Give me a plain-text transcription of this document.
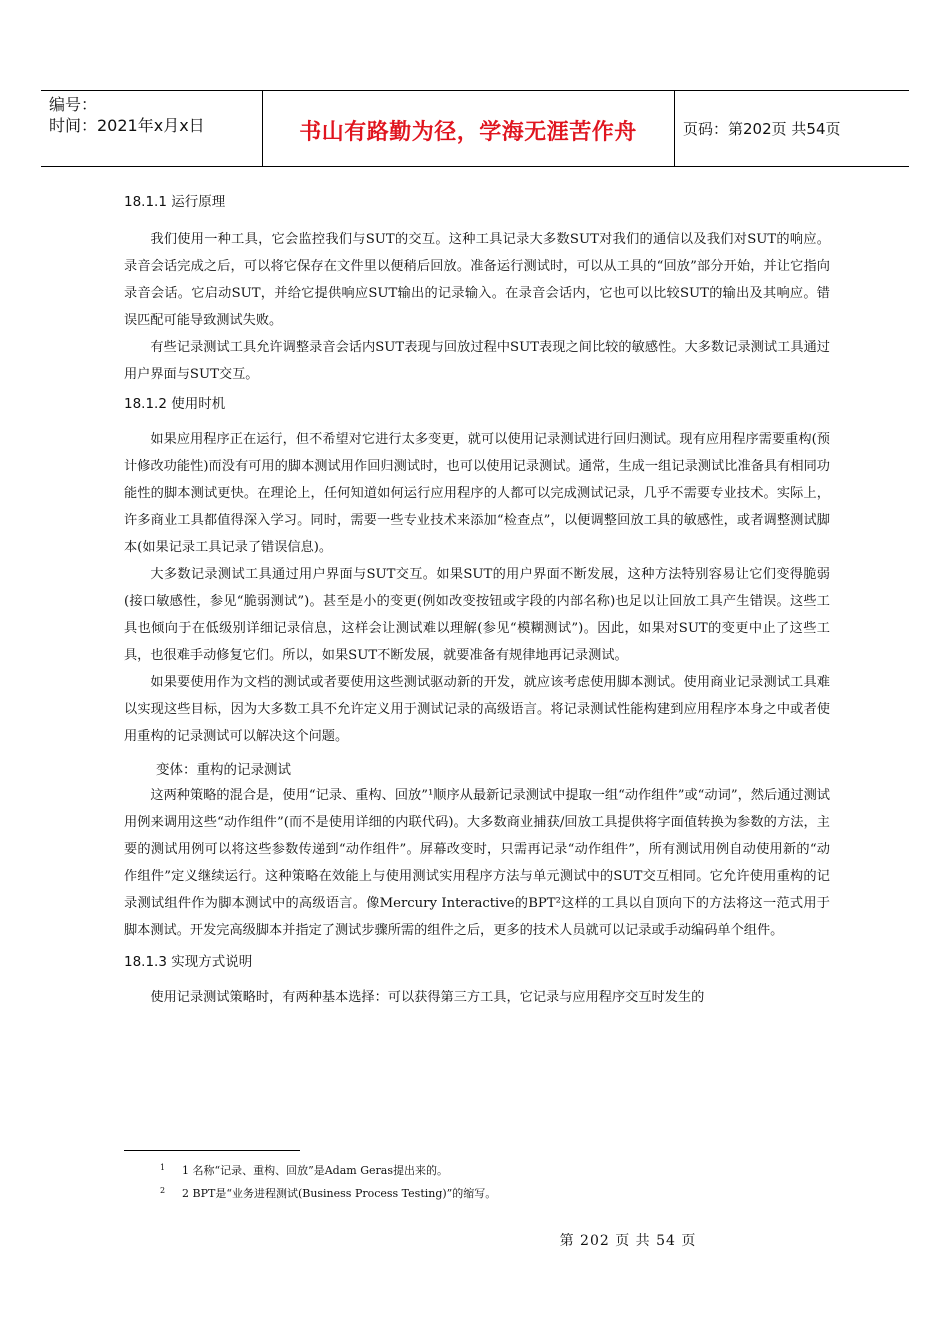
编号：
时间：2021年x月x日	书山有路勤为径，学海无涯苦作舟	页码：第202页 共54页
18.1.1 运行原理

我们使用一种工具，它会监控我们与SUT的交互。这种工具记录大多数SUT对我们的通信以及我们对SUT的响应。录音会话完成之后，可以将它保存在文件里以便稍后回放。准备运行测试时，可以从工具的“回放”部分开始，并让它指向录音会话。它启动SUT，并给它提供响应SUT输出的记录输入。在录音会话内，它也可以比较SUT的输出及其响应。错误匹配可能导致测试失败。

有些记录测试工具允许调整录音会话内SUT表现与回放过程中SUT表现之间比较的敏感性。大多数记录测试工具通过用户界面与SUT交互。

18.1.2 使用时机

如果应用程序正在运行，但不希望对它进行太多变更，就可以使用记录测试进行回归测试。现有应用程序需要重构(预计修改功能性)而没有可用的脚本测试用作回归测试时，也可以使用记录测试。通常，生成一组记录测试比准备具有相同功能性的脚本测试更快。在理论上，任何知道如何运行应用程序的人都可以完成测试记录，几乎不需要专业技术。实际上，许多商业工具都值得深入学习。同时，需要一些专业技术来添加“检查点”，以便调整回放工具的敏感性，或者调整测试脚本(如果记录工具记录了错误信息)。

大多数记录测试工具通过用户界面与SUT交互。如果SUT的用户界面不断发展，这种方法特别容易让它们变得脆弱(接口敏感性，参见“脆弱测试”)。甚至是小的变更(例如改变按钮或字段的内部名称)也足以让回放工具产生错误。这些工具也倾向于在低级别详细记录信息，这样会让测试难以理解(参见“模糊测试”)。因此，如果对SUT的变更中止了这些工具，也很难手动修复它们。所以，如果SUT不断发展，就要准备有规律地再记录测试。

如果要使用作为文档的测试或者要使用这些测试驱动新的开发，就应该考虑使用脚本测试。使用商业记录测试工具难以实现这些目标，因为大多数工具不允许定义用于测试记录的高级语言。将记录测试性能构建到应用程序本身之中或者使用重构的记录测试可以解决这个问题。

变体：重构的记录测试

这两种策略的混合是，使用“记录、重构、回放”¹顺序从最新记录测试中提取一组“动作组件”或“动词”，然后通过测试用例来调用这些“动作组件”(而不是使用详细的内联代码)。大多数商业捕获/回放工具提供将字面值转换为参数的方法，主要的测试用例可以将这些参数传递到“动作组件”。屏幕改变时，只需再记录“动作组件”，所有测试用例自动使用新的“动作组件”定义继续运行。这种策略在效能上与使用测试实用程序方法与单元测试中的SUT交互相同。它允许使用重构的记录测试组件作为脚本测试中的高级语言。像Mercury Interactive的BPT²这样的工具以自顶向下的方法将这一范式用于脚本测试。开发完高级脚本并指定了测试步骤所需的组件之后，更多的技术人员就可以记录或手动编码单个组件。

18.1.3 实现方式说明

使用记录测试策略时，有两种基本选择：可以获得第三方工具，它记录与应用程序交互时发生的

1 1 名称“记录、重构、回放”是Adam Geras提出来的。
2 2 BPT是“业务进程测试(Business Process Testing)”的缩写。
第 202 页 共 54 页
